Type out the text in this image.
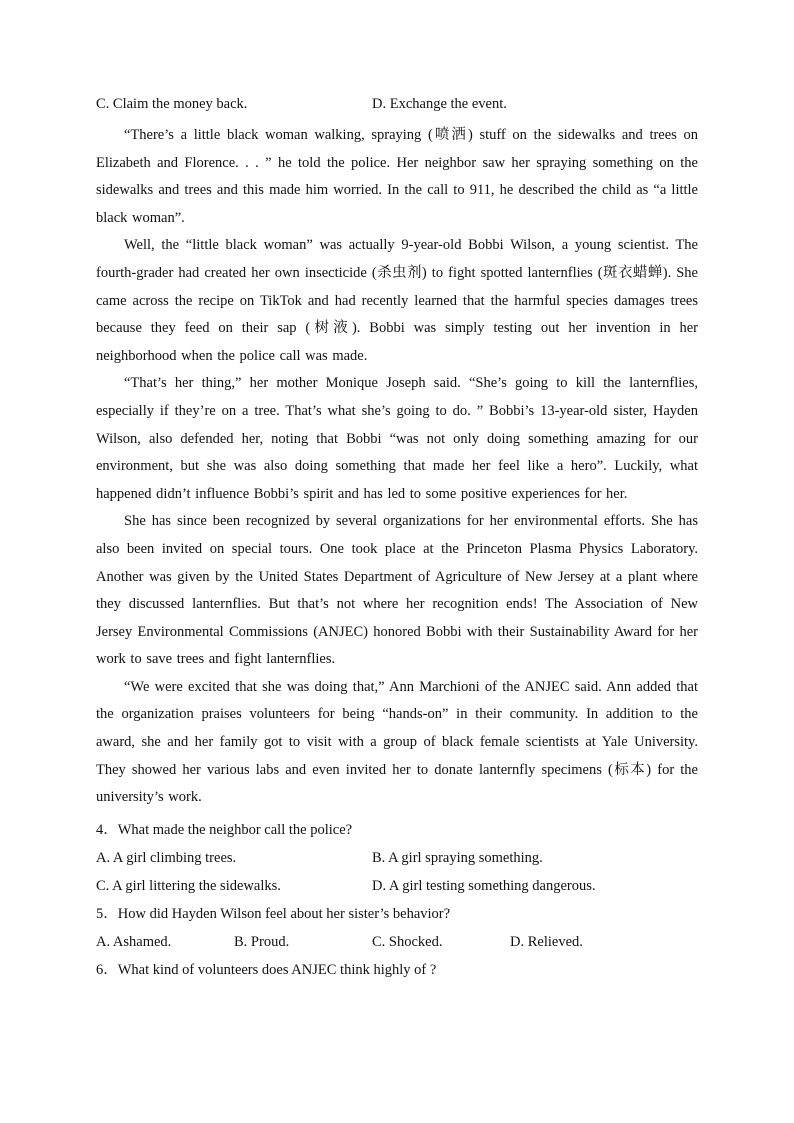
C. Claim the money back.	D. Exchange the event.

“There’s a little black woman walking, spraying (喷洒) stuff on the sidewalks and trees on Elizabeth and Florence. . . ” he told the police. Her neighbor saw her spraying something on the sidewalks and trees and this made him worried. In the call to 911, he described the child as “a little black woman”.

Well, the “little black woman” was actually 9-year-old Bobbi Wilson, a young scientist. The fourth-grader had created her own insecticide (杀虫剂) to fight spotted lanternflies (斑衣蜡蝉). She came across the recipe on TikTok and had recently learned that the harmful species damages trees because they feed on their sap (树液). Bobbi was simply testing out her invention in her neighborhood when the police call was made.

“That’s her thing,” her mother Monique Joseph said. “She’s going to kill the lanternflies, especially if they’re on a tree. That’s what she’s going to do. ” Bobbi’s 13-year-old sister, Hayden Wilson, also defended her, noting that Bobbi “was not only doing something amazing for our environment, but she was also doing something that made her feel like a hero”. Luckily, what happened didn’t influence Bobbi’s spirit and has led to some positive experiences for her.

She has since been recognized by several organizations for her environmental efforts. She has also been invited on special tours. One took place at the Princeton Plasma Physics Laboratory. Another was given by the United States Department of Agriculture of New Jersey at a plant where they discussed lanternflies. But that’s not where her recognition ends! The Association of New Jersey Environmental Commissions (ANJEC) honored Bobbi with their Sustainability Award for her work to save trees and fight lanternflies.

“We were excited that she was doing that,” Ann Marchioni of the ANJEC said. Ann added that the organization praises volunteers for being “hands-on” in their community. In addition to the award, she and her family got to visit with a group of black female scientists at Yale University. They showed her various labs and even invited her to donate lanternfly specimens (标本) for the university’s work.

4．What made the neighbor call the police?
A. A girl climbing trees.	B. A girl spraying something.
C. A girl littering the sidewalks.	D. A girl testing something dangerous.
5．How did Hayden Wilson feel about her sister’s behavior?
A. Ashamed.	B. Proud.	C. Shocked.	D. Relieved.
6．What kind of volunteers does ANJEC think highly of ?
